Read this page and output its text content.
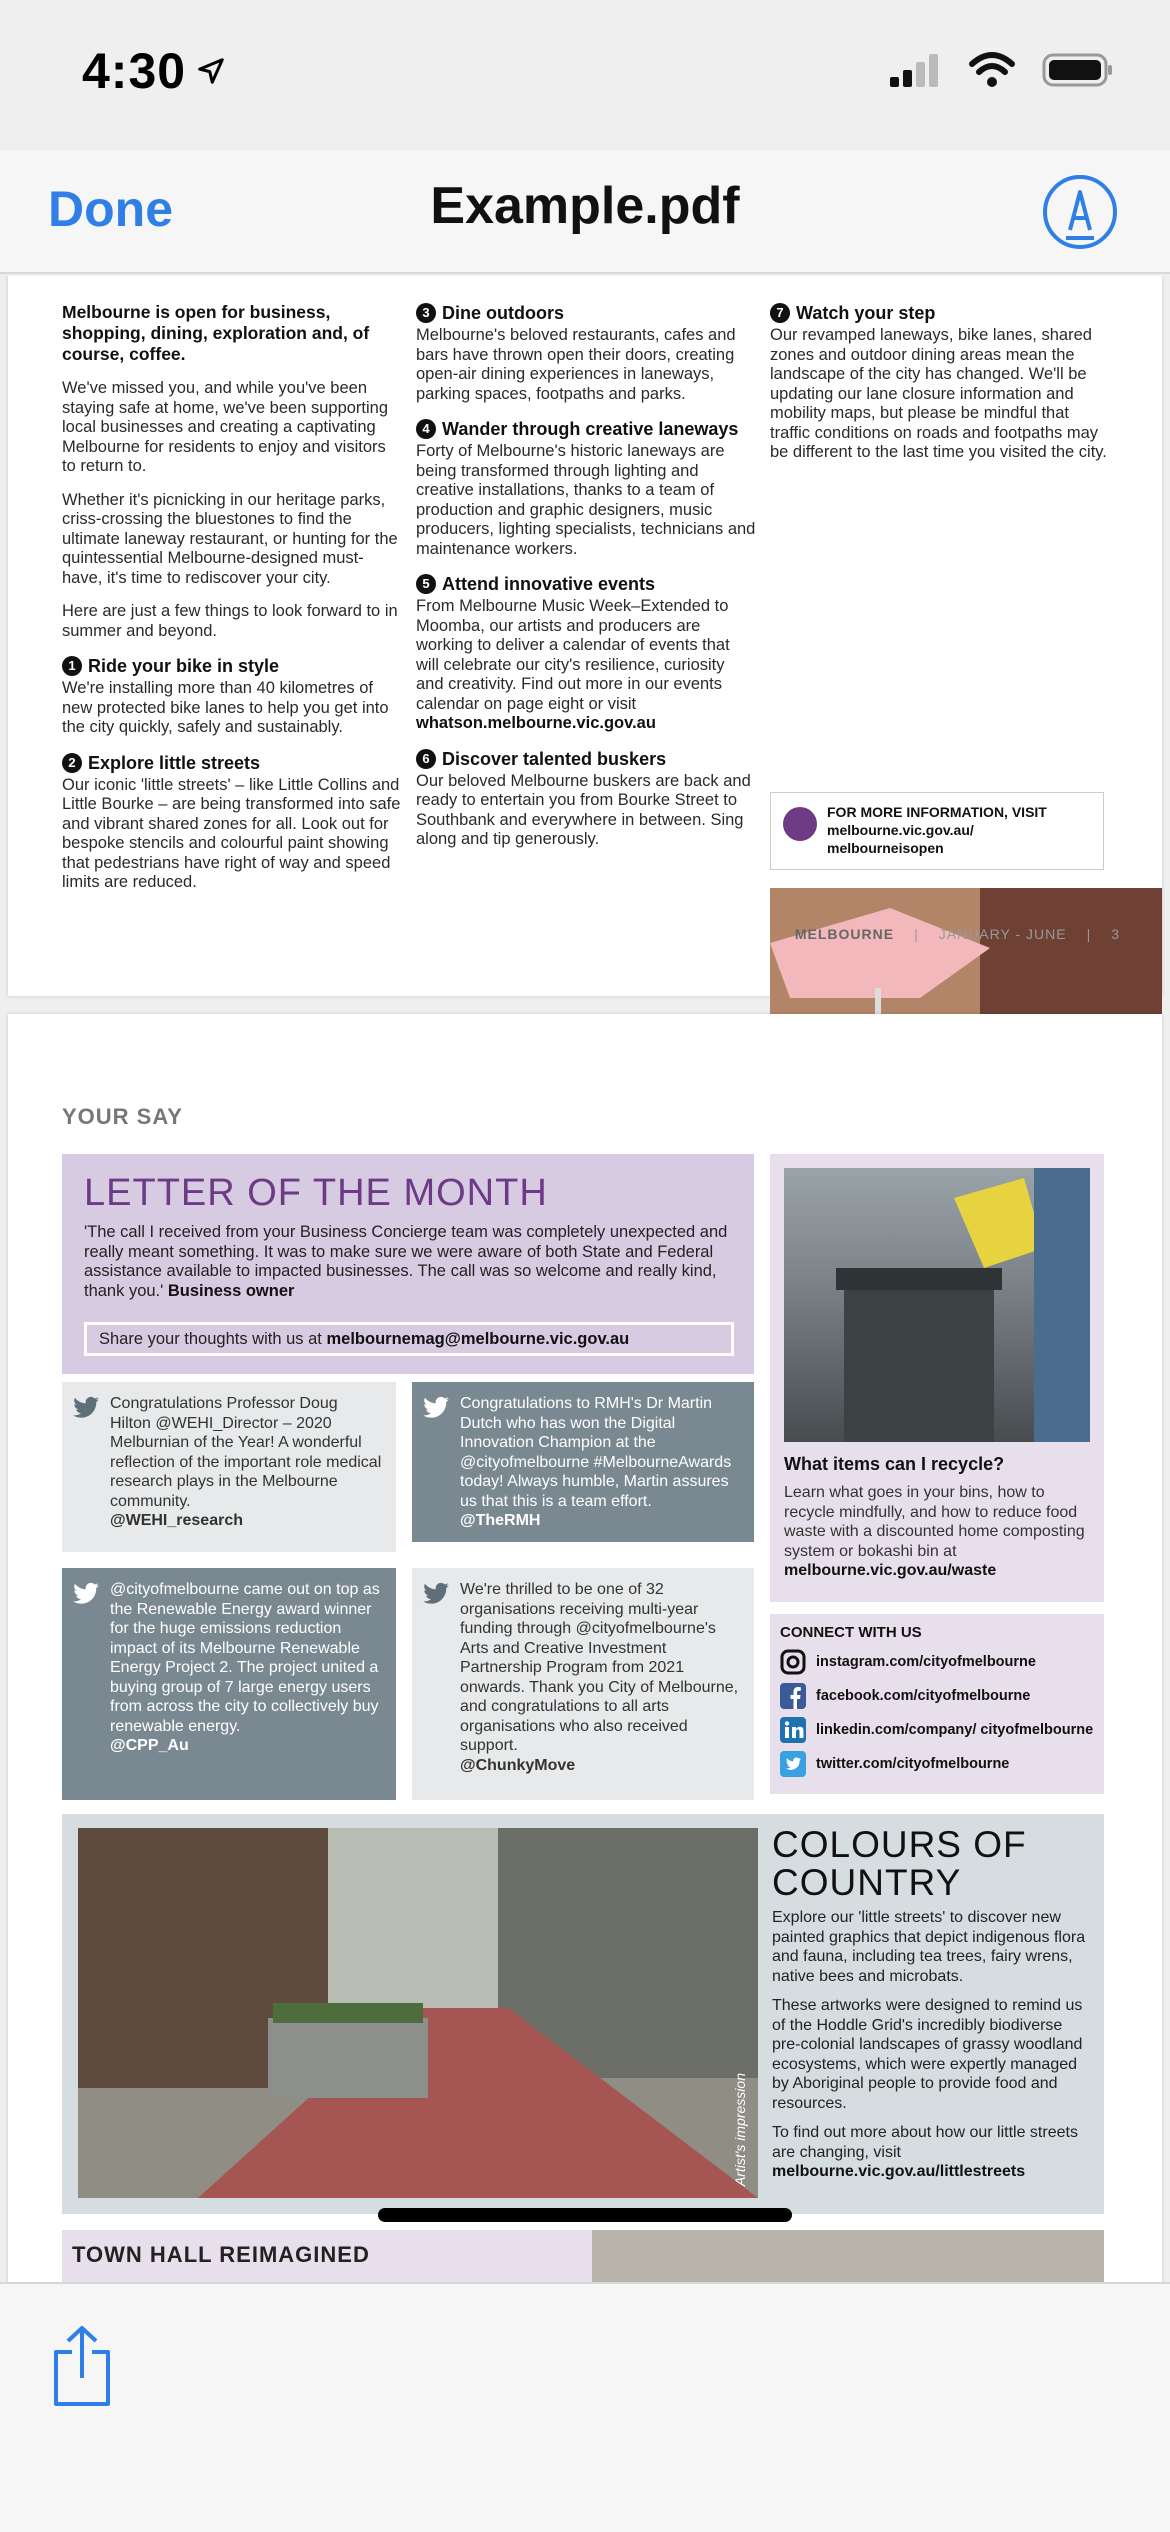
4:30
Done	Example.pdf
Melbourne is open for business, shopping, dining, exploration and, of course, coffee.

We've missed you, and while you've been staying safe at home, we've been supporting local businesses and creating a captivating Melbourne for residents to enjoy and visitors to return to.

Whether it's picnicking in our heritage parks, criss-crossing the bluestones to find the ultimate laneway restaurant, or hunting for the quintessential Melbourne-designed must-have, it's time to rediscover your city.

Here are just a few things to look forward to in summer and beyond.

1 Ride your bike in style

We're installing more than 40 kilometres of new protected bike lanes to help you get into the city quickly, safely and sustainably.

2 Explore little streets

Our iconic 'little streets' – like Little Collins and Little Bourke – are being transformed into safe and vibrant shared zones for all. Look out for bespoke stencils and colourful paint showing that pedestrians have right of way and speed limits are reduced.

3 Dine outdoors

Melbourne's beloved restaurants, cafes and bars have thrown open their doors, creating open-air dining experiences in laneways, parking spaces, footpaths and parks.

4 Wander through creative laneways

Forty of Melbourne's historic laneways are being transformed through lighting and creative installations, thanks to a team of production and graphic designers, music producers, lighting specialists, technicians and maintenance workers.

5 Attend innovative events

From Melbourne Music Week–Extended to Moomba, our artists and producers are working to deliver a calendar of events that will celebrate our city's resilience, curiosity and creativity. Find out more in our events calendar on page eight or visit whatson.melbourne.vic.gov.au

6 Discover talented buskers

Our beloved Melbourne buskers are back and ready to entertain you from Bourke Street to Southbank and everywhere in between. Sing along and tip generously.

7 Watch your step

Our revamped laneways, bike lanes, shared zones and outdoor dining areas mean the landscape of the city has changed. We'll be updating our lane closure information and mobility maps, but please be mindful that traffic conditions on roads and footpaths may be different to the last time you visited the city.

FOR MORE INFORMATION, VISIT
melbourne.vic.gov.au/
melbourneisopen
MELBOURNE | JANUARY - JUNE | 3
YOUR SAY
LETTER OF THE MONTH

'The call I received from your Business Concierge team was completely unexpected and really meant something. It was to make sure we were aware of both State and Federal assistance available to impacted businesses. The call was so welcome and really kind, thank you.' Business owner

Share your thoughts with us at melbournemag@melbourne.vic.gov.au
Congratulations Professor Doug Hilton @WEHI_Director – 2020 Melburnian of the Year! A wonderful reflection of the important role medical research plays in the Melbourne community.
@WEHI_research
Congratulations to RMH's Dr Martin Dutch who has won the Digital Innovation Champion at the @cityofmelbourne #MelbourneAwards today! Always humble, Martin assures us that this is a team effort.
@TheRMH
@cityofmelbourne came out on top as the Renewable Energy award winner for the huge emissions reduction impact of its Melbourne Renewable Energy Project 2. The project united a buying group of 7 large energy users from across the city to collectively buy renewable energy.
@CPP_Au
We're thrilled to be one of 32 organisations receiving multi-year funding through @cityofmelbourne's Arts and Creative Investment Partnership Program from 2021 onwards. Thank you City of Melbourne, and congratulations to all arts organisations who also received support.
@ChunkyMove
What items can I recycle?

Learn what goes in your bins, how to recycle mindfully, and how to reduce food waste with a discounted home composting system or bokashi bin at melbourne.vic.gov.au/waste

CONNECT WITH US
instagram.com/cityofmelbourne
facebook.com/cityofmelbourne
linkedin.com/company/ cityofmelbourne
twitter.com/cityofmelbourne
Artist's impression
COLOURS OF
COUNTRY

Explore our 'little streets' to discover new painted graphics that depict indigenous flora and fauna, including tea trees, fairy wrens, native bees and microbats.

These artworks were designed to remind us of the Hoddle Grid's incredibly biodiverse pre-colonial landscapes of grassy woodland ecosystems, which were expertly managed by Aboriginal people to provide food and resources.

To find out more about how our little streets are changing, visit melbourne.vic.gov.au/littlestreets

TOWN HALL REIMAGINED
